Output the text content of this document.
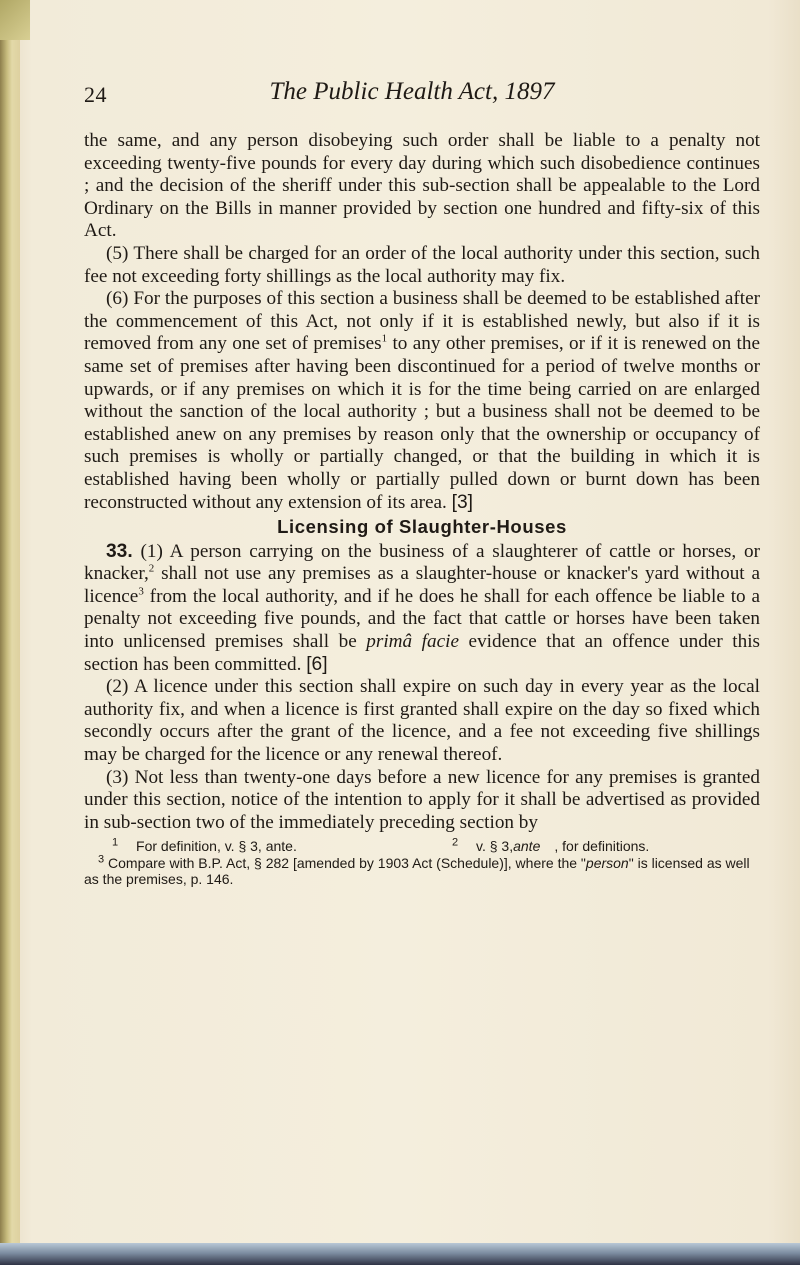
24	The Public Health Act, 1897

the same, and any person disobeying such order shall be liable to a penalty not exceeding twenty-five pounds for every day during which such disobedience continues ; and the decision of the sheriff under this sub-section shall be appealable to the Lord Ordinary on the Bills in manner provided by section one hundred and fifty-six of this Act.

(5) There shall be charged for an order of the local authority under this section, such fee not exceeding forty shillings as the local authority may fix.

(6) For the purposes of this section a business shall be deemed to be established after the commencement of this Act, not only if it is established newly, but also if it is removed from any one set of premises$^1$ to any other premises, or if it is renewed on the same set of premises after having been discontinued for a period of twelve months or upwards, or if any premises on which it is for the time being carried on are enlarged without the sanction of the local authority ; but a business shall not be deemed to be established anew on any premises by reason only that the ownership or occupancy of such premises is wholly or partially changed, or that the building in which it is established having been wholly or partially pulled down or burnt down has been reconstructed without any extension of its area. [3]

Licensing of Slaughter-Houses

33. (1) A person carrying on the business of a slaughterer of cattle or horses, or knacker,$^2$ shall not use any premises as a slaughter-house or knacker's yard without a licence$^3$ from the local authority, and if he does he shall for each offence be liable to a penalty not exceeding five pounds, and the fact that cattle or horses have been taken into unlicensed premises shall be primâ facie evidence that an offence under this section has been committed. [6]

(2) A licence under this section shall expire on such day in every year as the local authority fix, and when a licence is first granted shall expire on the day so fixed which secondly occurs after the grant of the licence, and a fee not exceeding five shillings may be charged for the licence or any renewal thereof.

(3) Not less than twenty-one days before a new licence for any premises is granted under this section, notice of the intention to apply for it shall be advertised as provided in sub-section two of the immediately preceding section by

$^1$ For definition, v. § 3, ante.	$^2$ v. § 3,ante , for definitions.

$^3$ Compare with B.P. Act, § 282 [amended by 1903 Act (Schedule)], where the "person" is licensed as well as the premises, p. 146.
